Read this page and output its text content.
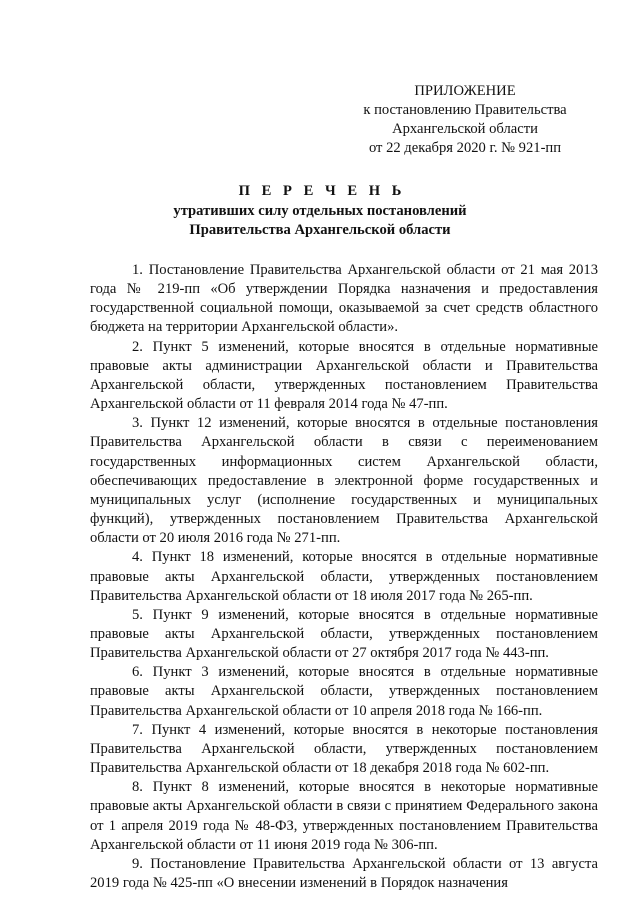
ПРИЛОЖЕНИЕ
к постановлению Правительства
Архангельской области
от 22 декабря 2020 г. № 921-пп
П Е Р Е Ч Е Н Ь
утративших силу отдельных постановлений
Правительства Архангельской области

1. Постановление Правительства Архангельской области от 21 мая 2013 года № 219-пп «Об утверждении Порядка назначения и предоставления государственной социальной помощи, оказываемой за счет средств областного бюджета на территории Архангельской области».

2. Пункт 5 изменений, которые вносятся в отдельные нормативные правовые акты администрации Архангельской области и Правительства Архангельской области, утвержденных постановлением Правительства Архангельской области от 11 февраля 2014 года № 47-пп.

3. Пункт 12 изменений, которые вносятся в отдельные постановления Правительства Архангельской области в связи с переименованием государственных информационных систем Архангельской области, обеспечивающих предоставление в электронной форме государственных и муниципальных услуг (исполнение государственных и муниципальных функций), утвержденных постановлением Правительства Архангельской области от 20 июля 2016 года № 271-пп.

4. Пункт 18 изменений, которые вносятся в отдельные нормативные правовые акты Архангельской области, утвержденных постановлением Правительства Архангельской области от 18 июля 2017 года № 265-пп.

5. Пункт 9 изменений, которые вносятся в отдельные нормативные правовые акты Архангельской области, утвержденных постановлением Правительства Архангельской области от 27 октября 2017 года № 443-пп.

6. Пункт 3 изменений, которые вносятся в отдельные нормативные правовые акты Архангельской области, утвержденных постановлением Правительства Архангельской области от 10 апреля 2018 года № 166-пп.

7. Пункт 4 изменений, которые вносятся в некоторые постановления Правительства Архангельской области, утвержденных постановлением Правительства Архангельской области от 18 декабря 2018 года № 602-пп.

8. Пункт 8 изменений, которые вносятся в некоторые нормативные правовые акты Архангельской области в связи с принятием Федерального закона от 1 апреля 2019 года № 48-ФЗ, утвержденных постановлением Правительства Архангельской области от 11 июня 2019 года № 306-пп.

9. Постановление Правительства Архангельской области от 13 августа 2019 года № 425-пп «О внесении изменений в Порядок назначения
